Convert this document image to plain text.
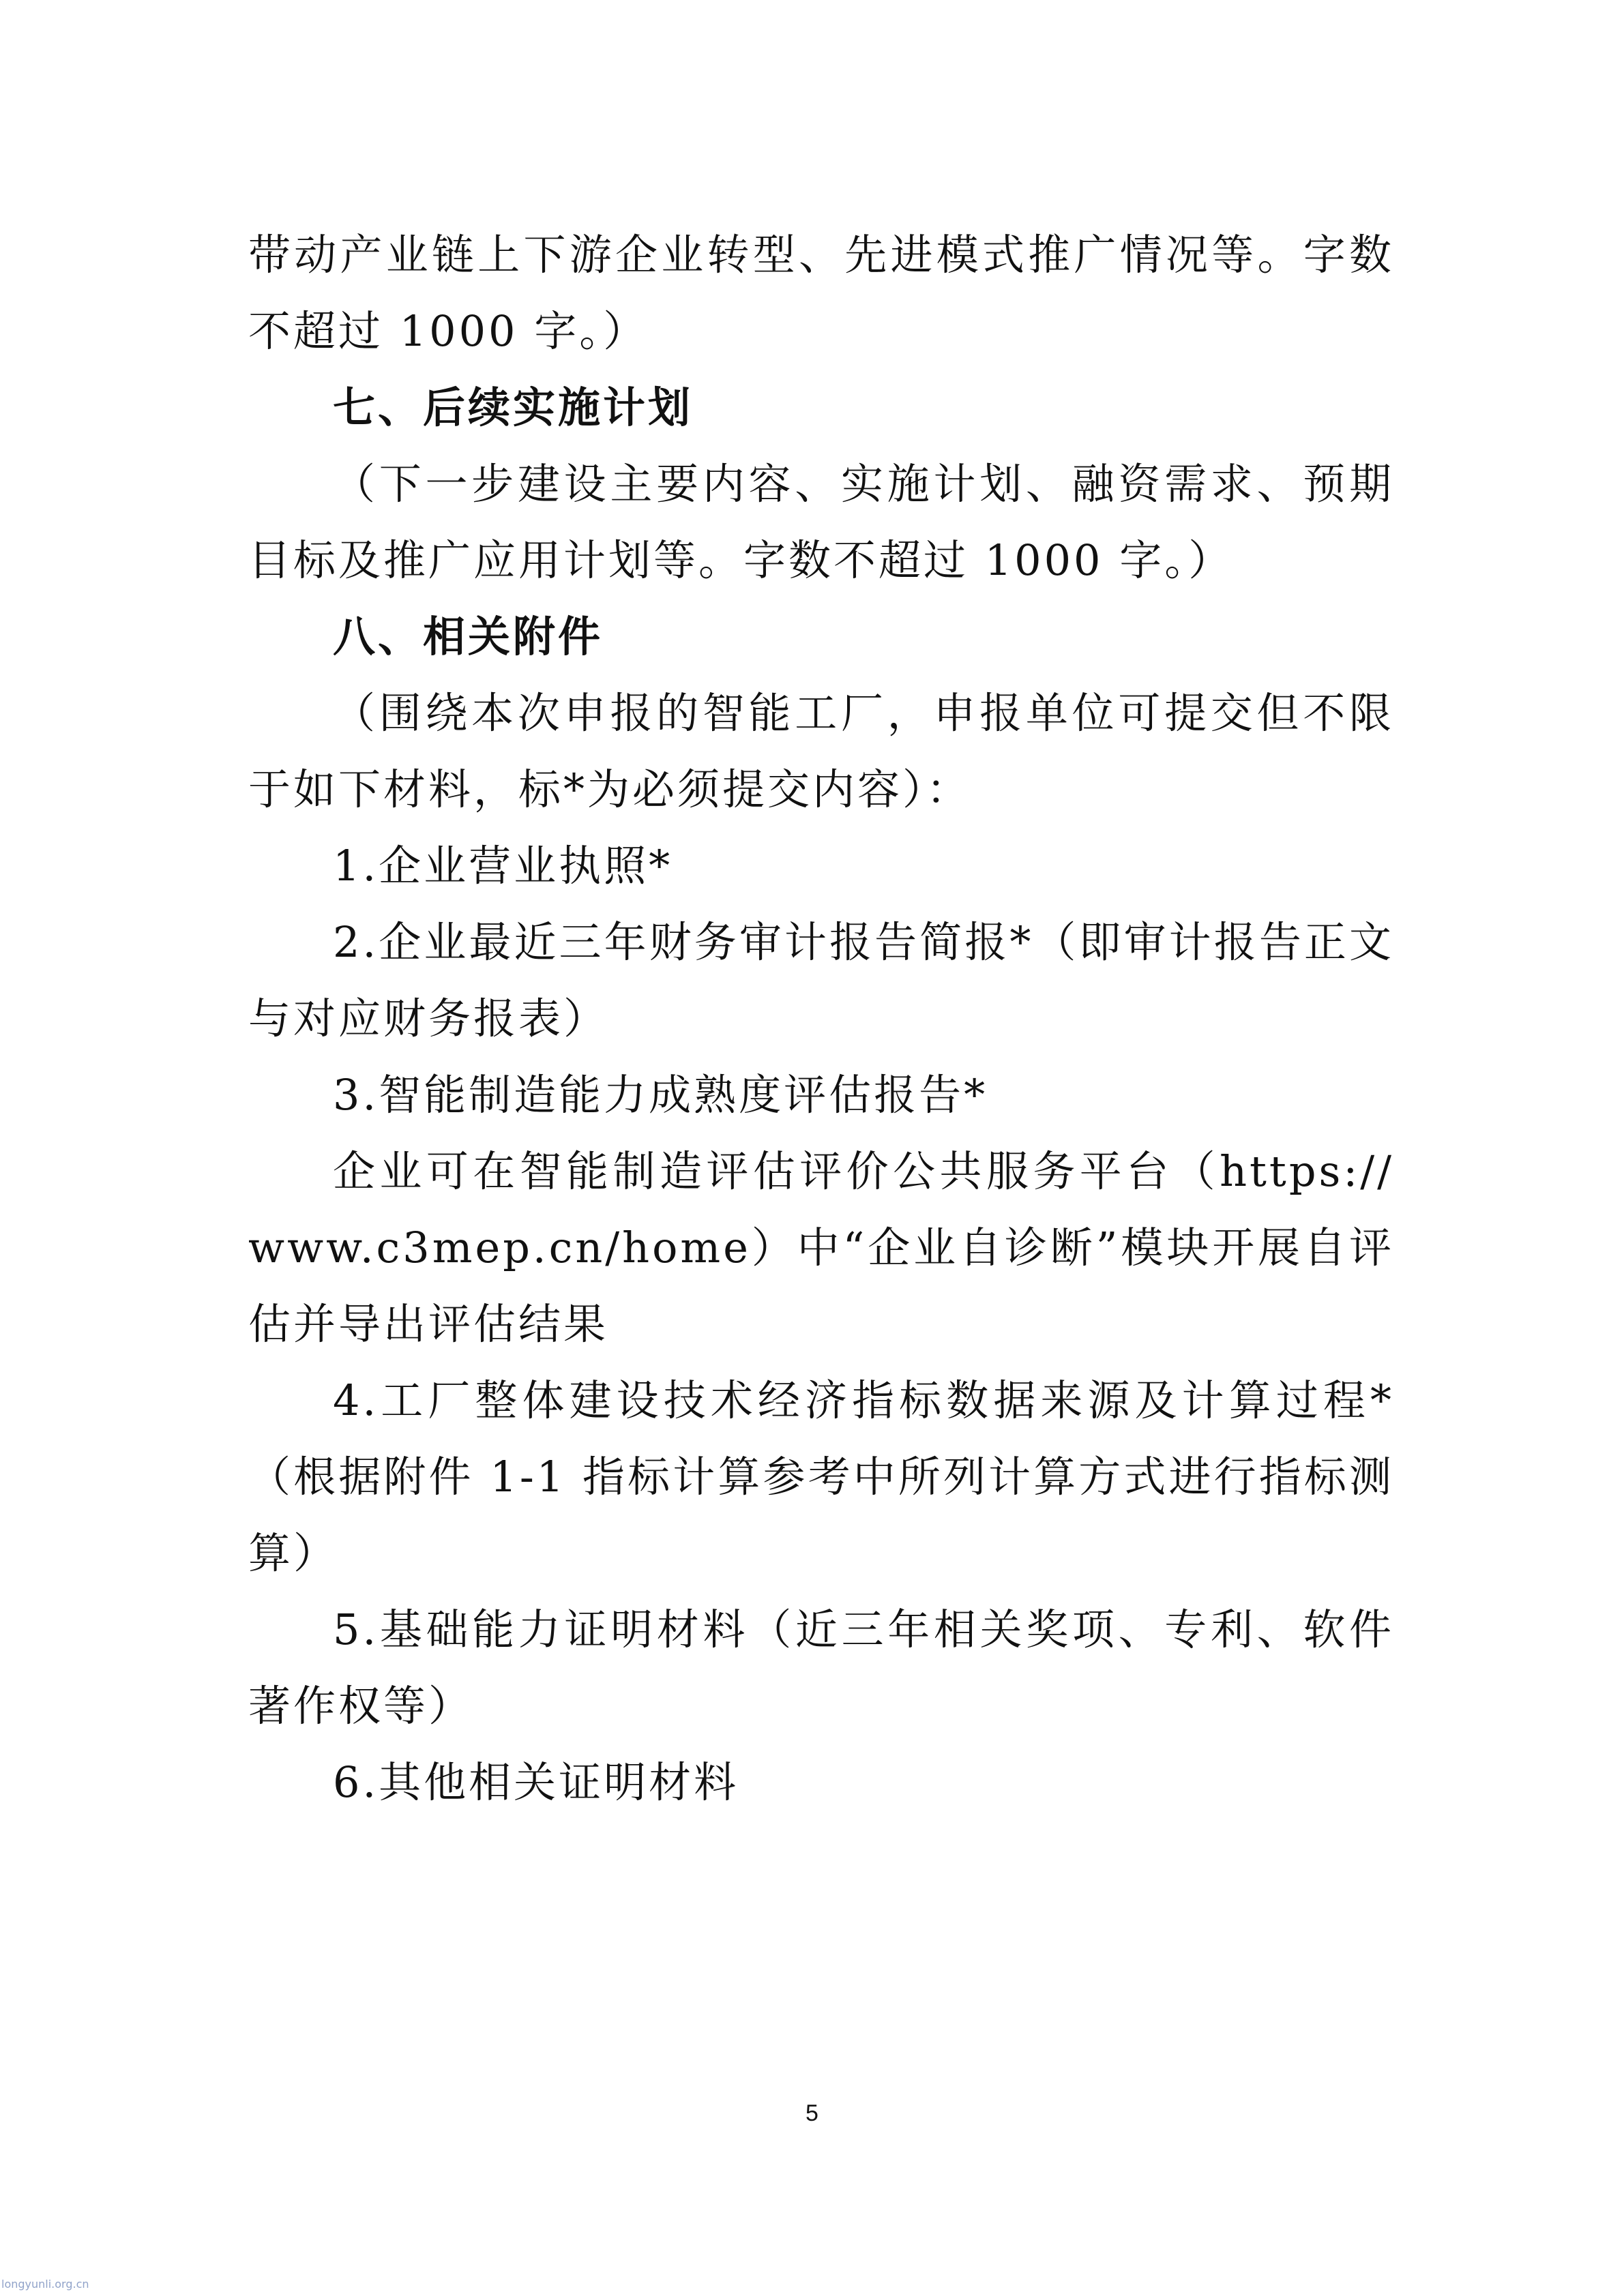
带动产业链上下游企业转型、先进模式推广情况等。字数不超过 1000 字。）

七、后续实施计划

（下一步建设主要内容、实施计划、融资需求、预期目标及推广应用计划等。字数不超过 1000 字。）

八、相关附件

（围绕本次申报的智能工厂，申报单位可提交但不限于如下材料，标*为必须提交内容）：

1.企业营业执照*

2.企业最近三年财务审计报告简报*（即审计报告正文与对应财务报表）

3.智能制造能力成熟度评估报告*

企业可在智能制造评估评价公共服务平台（https://www.c3mep.cn/home）中“企业自诊断”模块开展自评估并导出评估结果

4.工厂整体建设技术经济指标数据来源及计算过程*（根据附件 1-1 指标计算参考中所列计算方式进行指标测算）

5.基础能力证明材料（近三年相关奖项、专利、软件著作权等）

6.其他相关证明材料

5
longyunli.org.cn
